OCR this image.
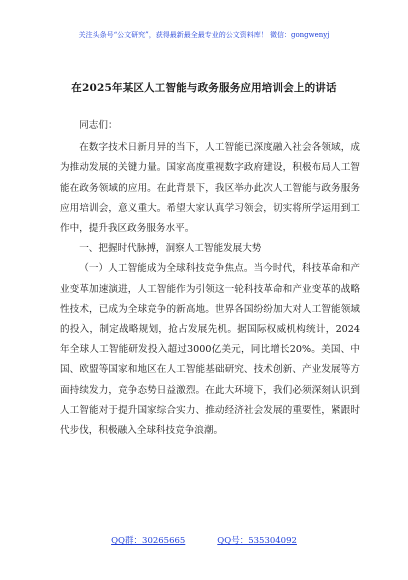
关注头条号“公文研究”，获得最新最全最专业的公文资料库！ 微信：gongwenyj
在2025年某区人工智能与政务服务应用培训会上的讲话

同志们：

在数字技术日新月异的当下，人工智能已深度融入社会各领域，成为推动发展的关键力量。国家高度重视数字政府建设，积极布局人工智能在政务领域的应用。在此背景下，我区举办此次人工智能与政务服务应用培训会，意义重大。希望大家认真学习领会，切实将所学运用到工作中，提升我区政务服务水平。

一、把握时代脉搏，洞察人工智能发展大势

（一）人工智能成为全球科技竞争焦点。当今时代，科技革命和产业变革加速演进，人工智能作为引领这一轮科技革命和产业变革的战略性技术，已成为全球竞争的新高地。世界各国纷纷加大对人工智能领域的投入，制定战略规划，抢占发展先机。据国际权威机构统计，2024年全球人工智能研发投入超过3000亿美元，同比增长20%。美国、中国、欧盟等国家和地区在人工智能基础研究、技术创新、产业发展等方面持续发力，竞争态势日益激烈。在此大环境下，我们必须深刻认识到人工智能对于提升国家综合实力、推动经济社会发展的重要性，紧跟时代步伐，积极融入全球科技竞争浪潮。

QQ群：30265665	QQ号：535304092
